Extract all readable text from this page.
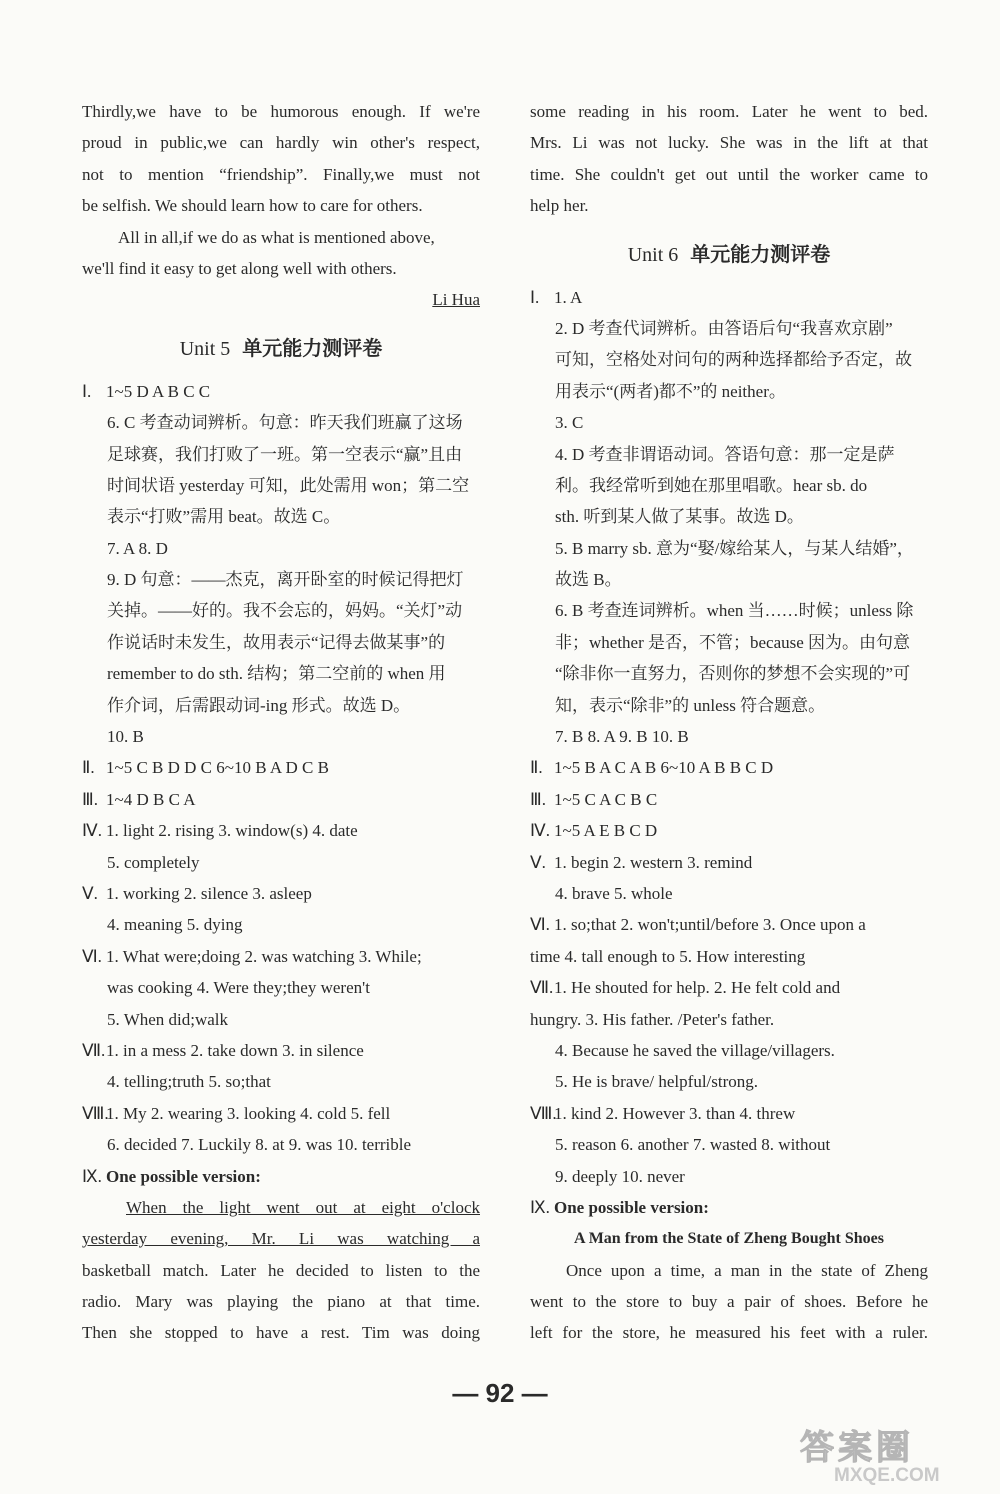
Thirdly,we have to be humorous enough. If we're
proud in public,we can hardly win other's respect,
not to mention “friendship”. Finally,we must not
be selfish. We should learn how to care for others.
All in all,if we do as what is mentioned above,
we'll find it easy to get along well with others.
Li Hua
Unit 5 单元能力测评卷
Ⅰ. 1~5 D A B C C
6. C 考查动词辨析。句意：昨天我们班赢了这场
足球赛，我们打败了一班。第一空表示“赢”且由
时间状语 yesterday 可知，此处需用 won；第二空
表示“打败”需用 beat。故选 C。
7. A 8. D
9. D 句意：——杰克，离开卧室的时候记得把灯
关掉。——好的。我不会忘的，妈妈。“关灯”动
作说话时未发生，故用表示“记得去做某事”的
remember to do sth. 结构；第二空前的 when 用
作介词，后需跟动词-ing 形式。故选 D。
10. B
Ⅱ. 1~5 C B D D C 6~10 B A D C B
Ⅲ. 1~4 D B C A
Ⅳ. 1. light 2. rising 3. window(s) 4. date
5. completely
Ⅴ. 1. working 2. silence 3. asleep
4. meaning 5. dying
Ⅵ. 1. What were;doing 2. was watching 3. While;
was cooking 4. Were they;they weren't
5. When did;walk
Ⅶ.1. in a mess 2. take down 3. in silence
4. telling;truth 5. so;that
Ⅷ.1. My 2. wearing 3. looking 4. cold 5. fell
6. decided 7. Luckily 8. at 9. was 10. terrible
Ⅸ. One possible version:
When the light went out at eight o'clock
yesterday evening, Mr. Li was watching a
basketball match. Later he decided to listen to the
radio. Mary was playing the piano at that time.
Then she stopped to have a rest. Tim was doing
some reading in his room. Later he went to bed.
Mrs. Li was not lucky. She was in the lift at that
time. She couldn't get out until the worker came to
help her.
Unit 6 单元能力测评卷
Ⅰ. 1. A
2. D 考查代词辨析。由答语后句“我喜欢京剧”
可知，空格处对问句的两种选择都给予否定，故
用表示“(两者)都不”的 neither。
3. C
4. D 考查非谓语动词。答语句意：那一定是萨
利。我经常听到她在那里唱歌。hear sb. do
sth. 听到某人做了某事。故选 D。
5. B marry sb. 意为“娶/嫁给某人，与某人结婚”，
故选 B。
6. B 考查连词辨析。when 当……时候；unless 除
非；whether 是否，不管；because 因为。由句意
“除非你一直努力，否则你的梦想不会实现的”可
知，表示“除非”的 unless 符合题意。
7. B 8. A 9. B 10. B
Ⅱ. 1~5 B A C A B 6~10 A B B C D
Ⅲ. 1~5 C A C B C
Ⅳ. 1~5 A E B C D
Ⅴ. 1. begin 2. western 3. remind
4. brave 5. whole
Ⅵ. 1. so;that 2. won't;until/before 3. Once upon a
time 4. tall enough to 5. How interesting
Ⅶ.1. He shouted for help. 2. He felt cold and
hungry. 3. His father. /Peter's father.
4. Because he saved the village/villagers.
5. He is brave/ helpful/strong.
Ⅷ.1. kind 2. However 3. than 4. threw
5. reason 6. another 7. wasted 8. without
9. deeply 10. never
Ⅸ. One possible version:
A Man from the State of Zheng Bought Shoes
Once upon a time, a man in the state of Zheng
went to the store to buy a pair of shoes. Before he
left for the store, he measured his feet with a ruler.
— 92 —
答案圈
MXQE.COM
